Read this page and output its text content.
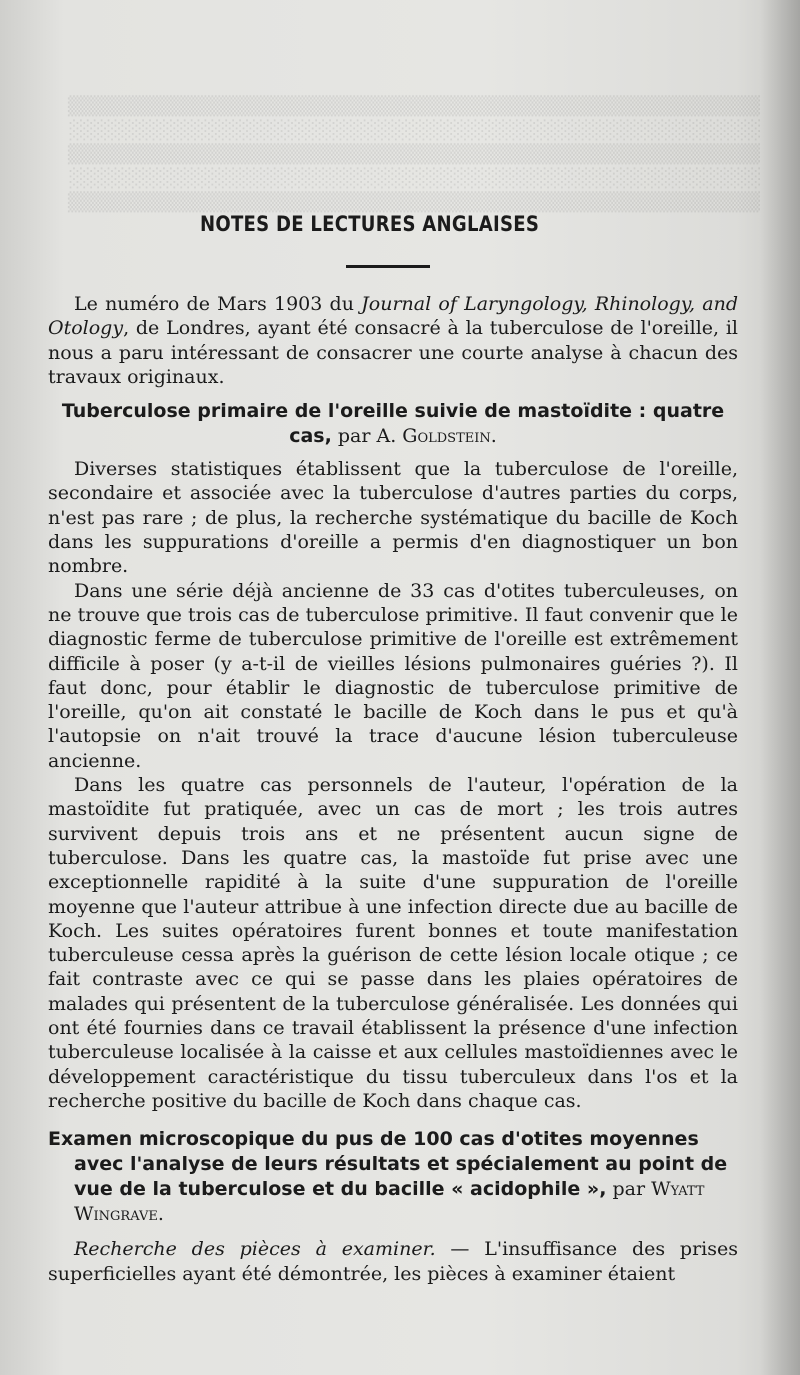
▒▒▒▒▒▒▒▒▒▒▒▒▒▒▒▒▒▒▒▒▒▒▒▒▒▒▒▒▒▒▒▒▒▒▒▒▒▒▒▒▒▒▒▒▒▒▒▒▒▒
░░░░░░░░░░░░░░░░░░░░░░░░░░░░░░░░░░░░░░░░░░░░░░░░░░
▒▒▒▒▒▒▒▒▒▒▒▒▒▒▒▒▒▒▒▒▒▒▒▒▒▒▒▒▒▒▒▒▒▒▒▒▒▒▒▒▒▒▒▒▒▒▒▒▒▒
░░░░░░░░░░░░░░░░░░░░░░░░░░░░░░░░░░░░░░░░░░░░░░░░░░
▒▒▒▒▒▒▒▒▒▒▒▒▒▒▒▒▒▒▒▒▒▒▒▒▒▒▒▒▒▒▒▒▒▒▒▒▒▒▒▒▒▒▒▒▒▒▒▒▒▒
NOTES DE LECTURES ANGLAISES

Le numéro de Mars 1903 du Journal of Laryngology, Rhinology, and Otology, de Londres, ayant été consacré à la tuberculose de l'oreille, il nous a paru intéressant de consacrer une courte analyse à chacun des travaux originaux.

Tuberculose primaire de l'oreille suivie de mastoïdite : quatre cas, par A. Goldstein.

Diverses statistiques établissent que la tuberculose de l'oreille, secondaire et associée avec la tuberculose d'autres parties du corps, n'est pas rare ; de plus, la recherche systématique du bacille de Koch dans les suppurations d'oreille a permis d'en diagnostiquer un bon nombre.

Dans une série déjà ancienne de 33 cas d'otites tuberculeuses, on ne trouve que trois cas de tuberculose primitive. Il faut convenir que le diagnostic ferme de tuberculose primitive de l'oreille est extrêmement difficile à poser (y a-t-il de vieilles lésions pulmonaires guéries ?). Il faut donc, pour établir le diagnostic de tuberculose primitive de l'oreille, qu'on ait constaté le bacille de Koch dans le pus et qu'à l'autopsie on n'ait trouvé la trace d'aucune lésion tuberculeuse ancienne.

Dans les quatre cas personnels de l'auteur, l'opération de la mastoïdite fut pratiquée, avec un cas de mort ; les trois autres survivent depuis trois ans et ne présentent aucun signe de tuberculose. Dans les quatre cas, la mastoïde fut prise avec une exceptionnelle rapidité à la suite d'une suppuration de l'oreille moyenne que l'auteur attribue à une infection directe due au bacille de Koch. Les suites opératoires furent bonnes et toute manifestation tuberculeuse cessa après la guérison de cette lésion locale otique ; ce fait contraste avec ce qui se passe dans les plaies opératoires de malades qui présentent de la tuberculose généralisée. Les données qui ont été fournies dans ce travail établissent la présence d'une infection tuberculeuse localisée à la caisse et aux cellules mastoïdiennes avec le développement caractéristique du tissu tuberculeux dans l'os et la recherche positive du bacille de Koch dans chaque cas.

Examen microscopique du pus de 100 cas d'otites moyennes avec l'analyse de leurs résultats et spécialement au point de vue de la tuberculose et du bacille « acidophile », par Wyatt Wingrave.

Recherche des pièces à examiner. — L'insuffisance des prises superficielles ayant été démontrée, les pièces à examiner étaient
